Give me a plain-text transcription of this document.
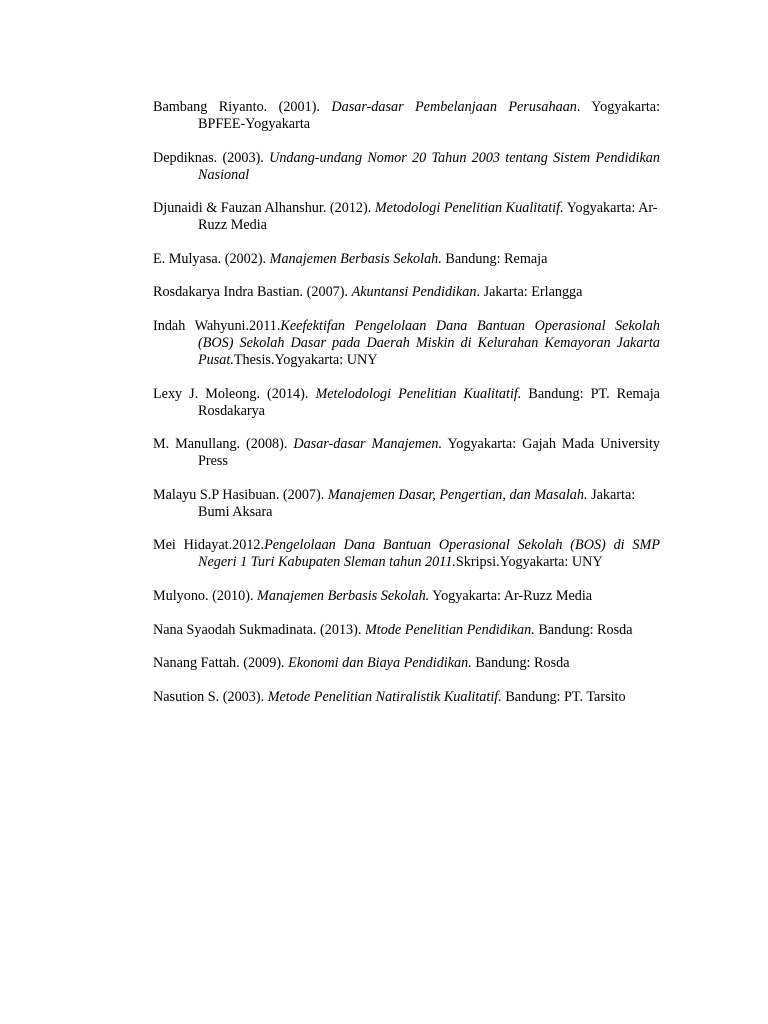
Bambang Riyanto. (2001). Dasar-dasar Pembelanjaan Perusahaan. Yogyakarta: BPFEE-Yogyakarta

Depdiknas. (2003). Undang-undang Nomor 20 Tahun 2003 tentang Sistem Pendidikan Nasional

Djunaidi & Fauzan Alhanshur. (2012). Metodologi Penelitian Kualitatif. Yogyakarta: Ar-Ruzz Media

E. Mulyasa. (2002). Manajemen Berbasis Sekolah. Bandung: Remaja

Rosdakarya Indra Bastian. (2007). Akuntansi Pendidikan. Jakarta: Erlangga

Indah Wahyuni.2011.Keefektifan Pengelolaan Dana Bantuan Operasional Sekolah (BOS) Sekolah Dasar pada Daerah Miskin di Kelurahan Kemayoran Jakarta Pusat.Thesis.Yogyakarta: UNY

Lexy J. Moleong. (2014). Metelodologi Penelitian Kualitatif. Bandung: PT. Remaja Rosdakarya

M. Manullang. (2008). Dasar-dasar Manajemen. Yogyakarta: Gajah Mada University Press

Malayu S.P Hasibuan. (2007). Manajemen Dasar, Pengertian, dan Masalah. Jakarta: Bumi Aksara

Mei Hidayat.2012.Pengelolaan Dana Bantuan Operasional Sekolah (BOS) di SMP Negeri 1 Turi Kabupaten Sleman tahun 2011.Skripsi.Yogyakarta: UNY

Mulyono. (2010). Manajemen Berbasis Sekolah. Yogyakarta: Ar-Ruzz Media

Nana Syaodah Sukmadinata. (2013). Mtode Penelitian Pendidikan. Bandung: Rosda

Nanang Fattah. (2009). Ekonomi dan Biaya Pendidikan. Bandung: Rosda

Nasution S. (2003). Metode Penelitian Natiralistik Kualitatif. Bandung: PT. Tarsito
